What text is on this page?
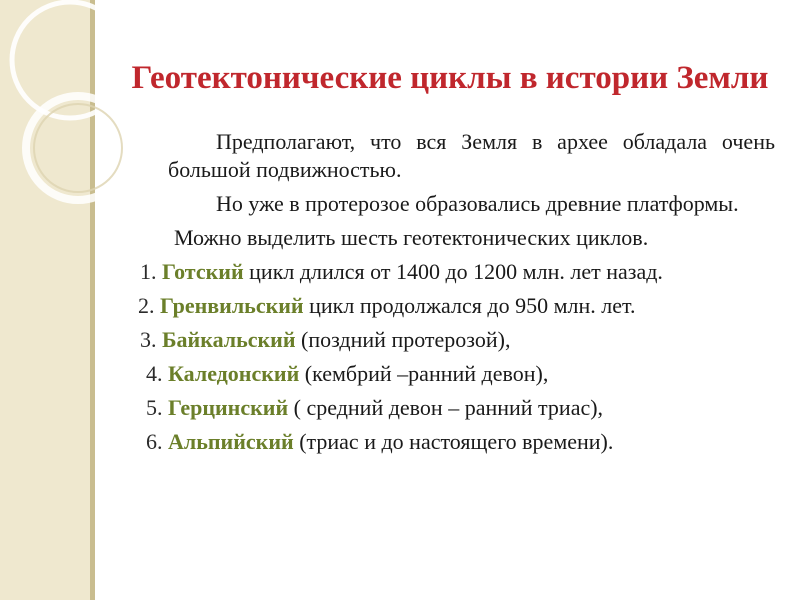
Геотектонические циклы в истории Земли

Предполагают, что вся Земля в архее обладала очень большой подвижностью.

Но уже в протерозое образовались древние платформы.

Можно выделить шесть геотектонических циклов.

1. Готский цикл длился от 1400 до 1200 млн. лет назад.
2. Гренвильский цикл продолжался до 950 млн. лет.
3. Байкальский (поздний протерозой),
4. Каледонский (кембрий –ранний девон),
5. Герцинский ( средний девон – ранний триас),
6. Альпийский (триас и до настоящего времени).
